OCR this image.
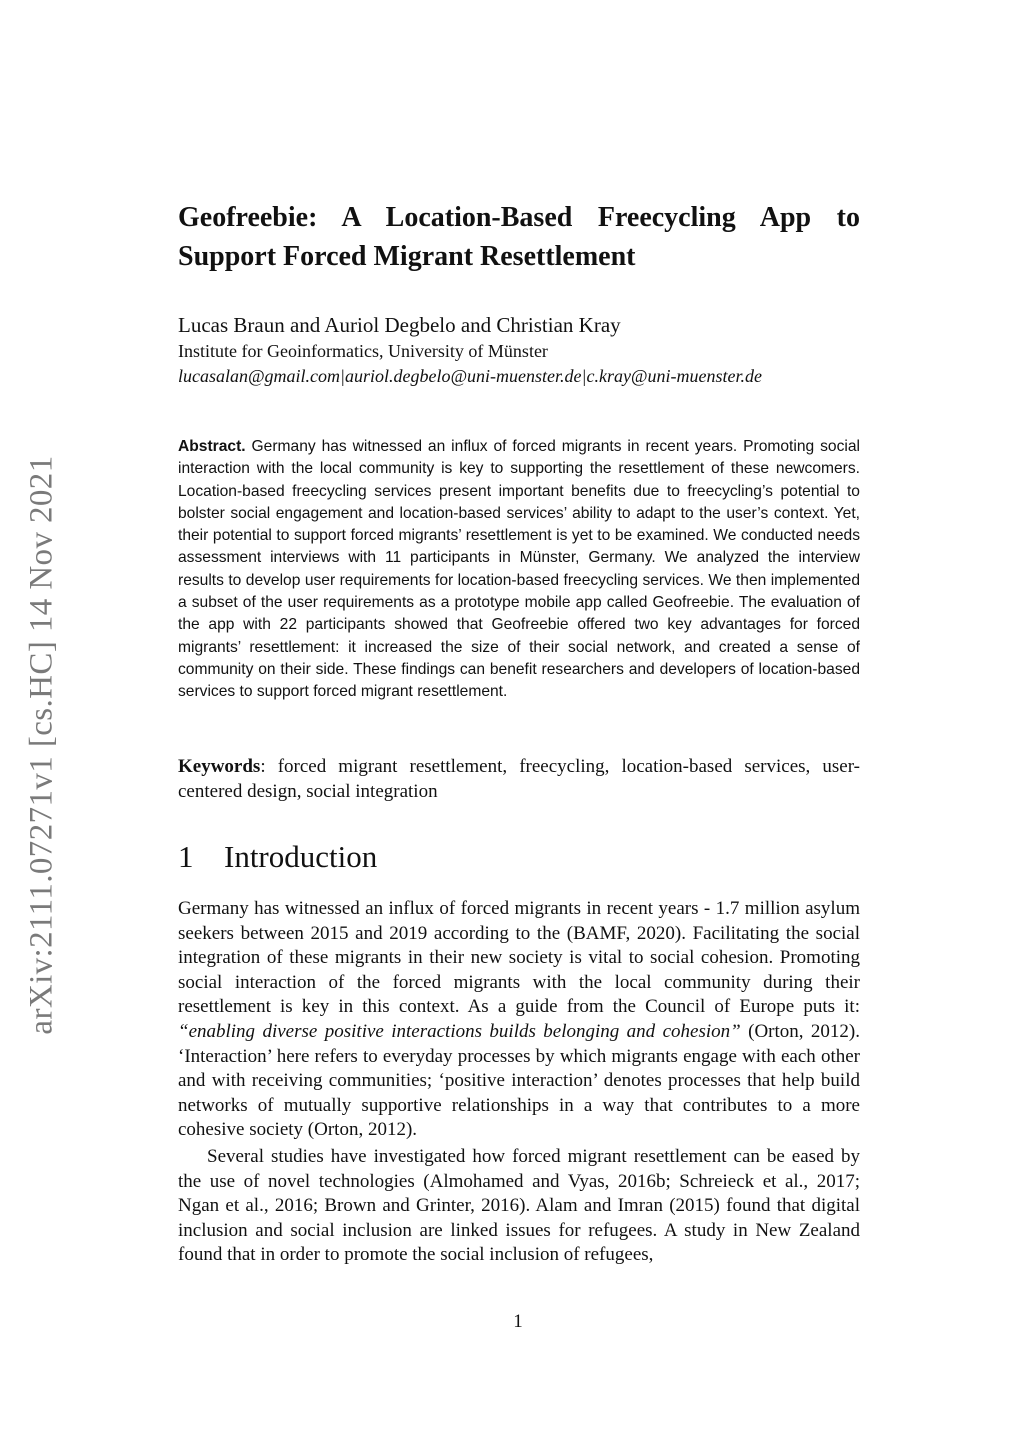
arXiv:2111.07271v1 [cs.HC] 14 Nov 2021
Geofreebie: A Location-Based Freecycling App to
Support Forced Migrant Resettlement
Lucas Braun and Auriol Degbelo and Christian Kray
Institute for Geoinformatics, University of Münster
lucasalan@gmail.com|auriol.degbelo@uni-muenster.de|c.kray@uni-muenster.de

Abstract. Germany has witnessed an influx of forced migrants in recent years. Promoting social interaction with the local community is key to supporting the resettlement of these newcomers. Location-based freecycling services present important benefits due to freecycling’s potential to bolster social engagement and location-based services’ ability to adapt to the user’s context. Yet, their potential to support forced migrants’ resettlement is yet to be examined. We conducted needs assessment interviews with 11 participants in Münster, Germany. We analyzed the interview results to develop user requirements for location-based freecycling services. We then implemented a subset of the user requirements as a prototype mobile app called Geofreebie. The evaluation of the app with 22 participants showed that Geofreebie offered two key advantages for forced migrants’ resettlement: it increased the size of their social network, and created a sense of community on their side. These findings can benefit researchers and developers of location-based services to support forced migrant resettlement.

Keywords: forced migrant resettlement, freecycling, location-based services, user-centered design, social integration

1 Introduction

Germany has witnessed an influx of forced migrants in recent years - 1.7 million asylum seekers between 2015 and 2019 according to the (BAMF, 2020). Facilitating the social integration of these migrants in their new society is vital to social cohesion. Promoting social interaction of the forced migrants with the local community during their resettlement is key in this context. As a guide from the Council of Europe puts it: “enabling diverse positive interactions builds belonging and cohesion” (Orton, 2012). ‘Interaction’ here refers to everyday processes by which migrants engage with each other and with receiving communities; ‘positive interaction’ denotes processes that help build networks of mutually supportive relationships in a way that contributes to a more cohesive society (Orton, 2012).

Several studies have investigated how forced migrant resettlement can be eased by the use of novel technologies (Almohamed and Vyas, 2016b; Schreieck et al., 2017; Ngan et al., 2016; Brown and Grinter, 2016). Alam and Imran (2015) found that digital inclusion and social inclusion are linked issues for refugees. A study in New Zealand found that in order to promote the social inclusion of refugees,

1
